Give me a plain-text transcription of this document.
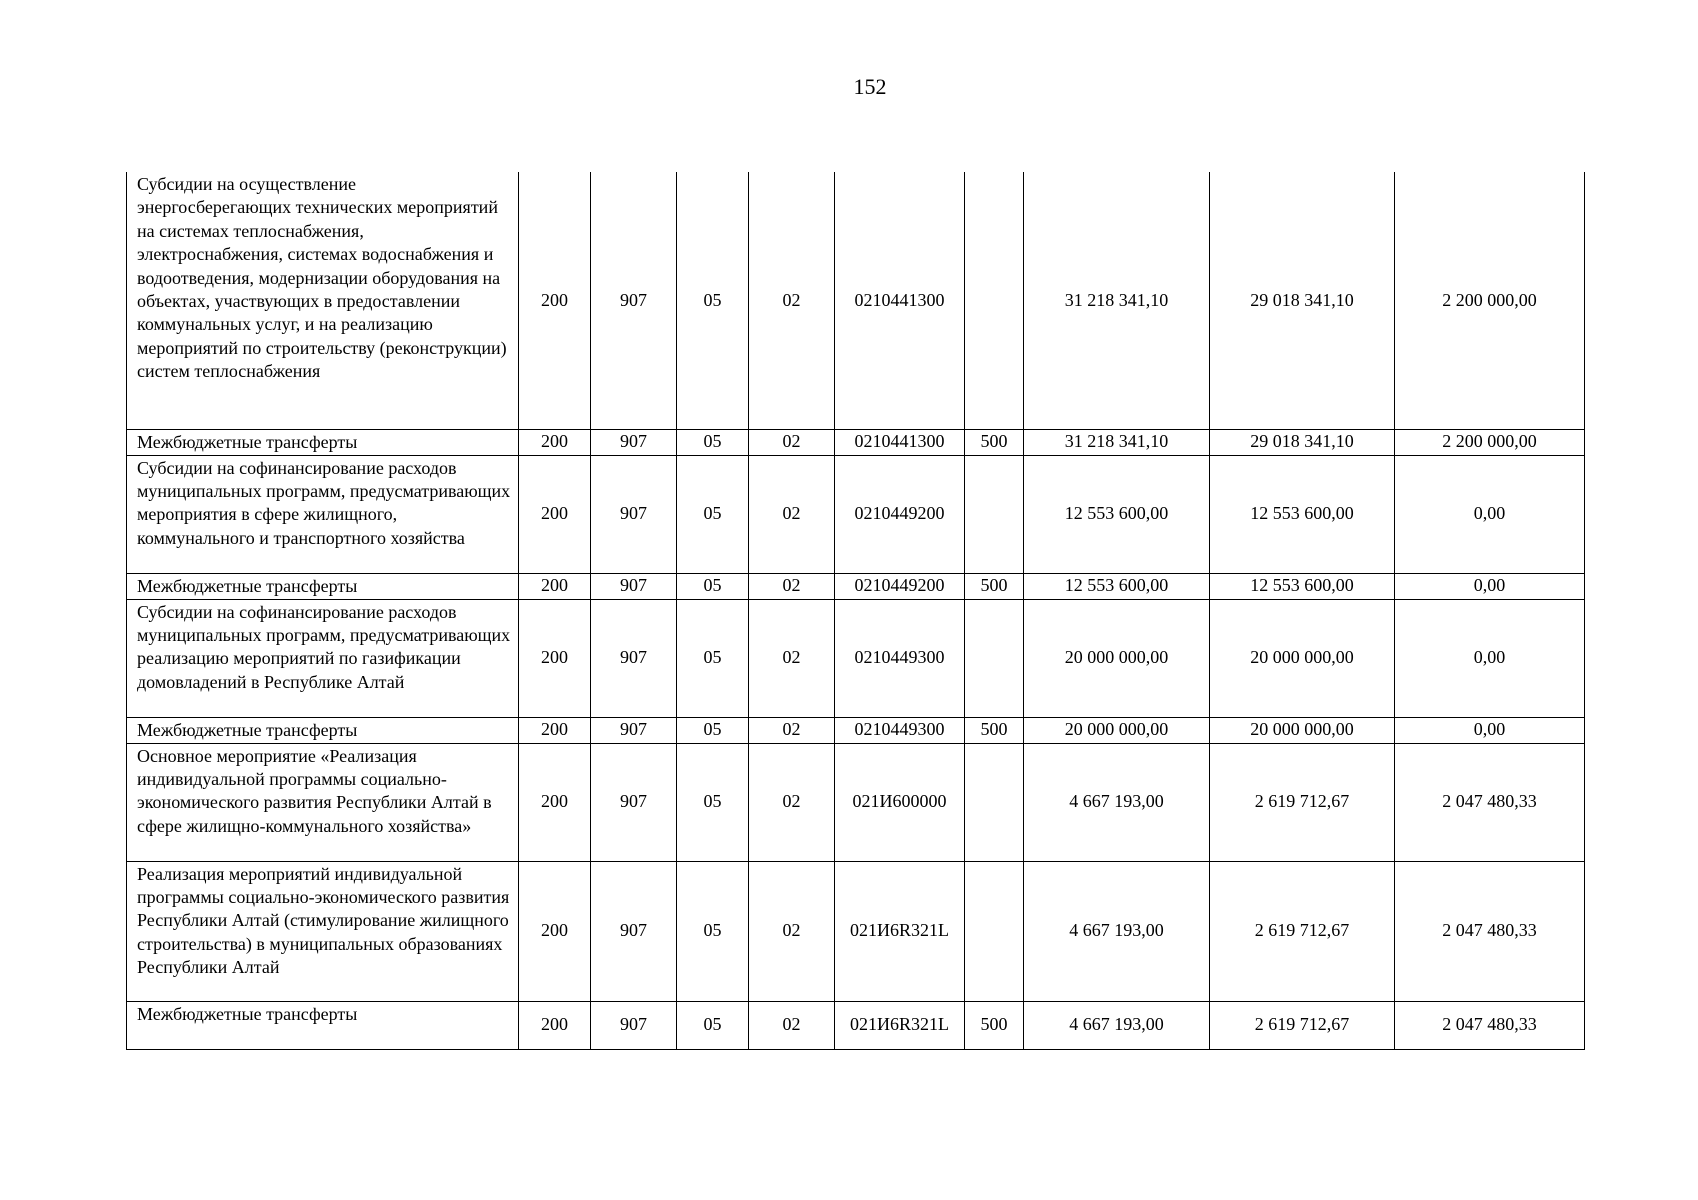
152
Субсидии на осуществление энергосберегающих технических мероприятий на системах теплоснабжения, электроснабжения, системах водоснабжения и водоотведения, модернизации оборудования на объектах, участвующих в предоставлении коммунальных услуг, и на реализацию мероприятий по строительству (реконструкции) систем теплоснабжения	200	907	05	02	0210441300		31 218 341,10	29 018 341,10	2 200 000,00
Межбюджетные трансферты	200	907	05	02	0210441300	500	31 218 341,10	29 018 341,10	2 200 000,00
Субсидии на софинансирование расходов муниципальных программ, предусматривающих мероприятия в сфере жилищного, коммунального и транспортного хозяйства	200	907	05	02	0210449200		12 553 600,00	12 553 600,00	0,00
Межбюджетные трансферты	200	907	05	02	0210449200	500	12 553 600,00	12 553 600,00	0,00
Субсидии на софинансирование расходов муниципальных программ, предусматривающих реализацию мероприятий по газификации домовладений в Республике Алтай	200	907	05	02	0210449300		20 000 000,00	20 000 000,00	0,00
Межбюджетные трансферты	200	907	05	02	0210449300	500	20 000 000,00	20 000 000,00	0,00
Основное мероприятие «Реализация индивидуальной программы социально-экономического развития Республики Алтай в сфере жилищно-коммунального хозяйства»	200	907	05	02	021И600000		4 667 193,00	2 619 712,67	2 047 480,33
Реализация мероприятий индивидуальной программы социально-экономического развития Республики Алтай (стимулирование жилищного строительства) в муниципальных образованиях Республики Алтай	200	907	05	02	021И6R321L		4 667 193,00	2 619 712,67	2 047 480,33
Межбюджетные трансферты	200	907	05	02	021И6R321L	500	4 667 193,00	2 619 712,67	2 047 480,33
